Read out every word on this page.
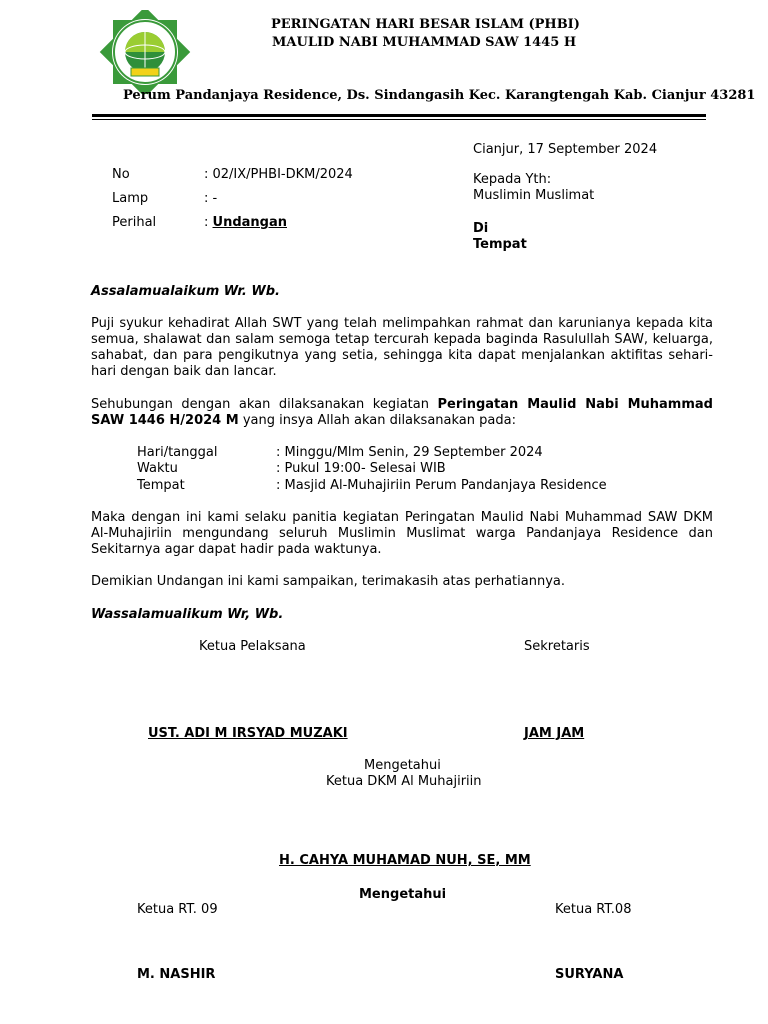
PERINGATAN HARI BESAR ISLAM (PHBI)
MAULID NABI MUHAMMAD SAW 1445 H
Perum Pandanjaya Residence, Ds. Sindangasih Kec. Karangtengah Kab. Cianjur 43281
No	: 02/IX/PHBI-DKM/2024
Lamp	: -
Perihal	: Undangan
Cianjur, 17 September 2024
Kepada Yth:
Muslimin Muslimat
Di
Tempat
Assalamualaikum Wr. Wb.
Puji syukur kehadirat Allah SWT yang telah melimpahkan rahmat dan karunianya kepada kita semua, shalawat dan salam semoga tetap tercurah kepada baginda Rasulullah SAW, keluarga, sahabat, dan para pengikutnya yang setia, sehingga kita dapat menjalankan aktifitas sehari-hari dengan baik dan lancar.
Sehubungan dengan akan dilaksanakan kegiatan Peringatan Maulid Nabi Muhammad SAW 1446 H/2024 M yang insya Allah akan dilaksanakan pada:
Hari/tanggal	: Minggu/Mlm Senin, 29 September 2024
Waktu	: Pukul 19:00- Selesai WIB
Tempat	: Masjid Al-Muhajiriin Perum Pandanjaya Residence
Maka dengan ini kami selaku panitia kegiatan Peringatan Maulid Nabi Muhammad SAW DKM Al-Muhajiriin mengundang seluruh Muslimin Muslimat warga Pandanjaya Residence dan Sekitarnya agar dapat hadir pada waktunya.
Demikian Undangan ini kami sampaikan, terimakasih atas perhatiannya.
Wassalamualikum Wr, Wb.
Ketua Pelaksana	Sekretaris
UST. ADI M IRSYAD MUZAKI	JAM JAM
Mengetahui
Ketua DKM Al Muhajiriin
H. CAHYA MUHAMAD NUH, SE, MM
Mengetahui
Ketua RT. 09	Ketua RT.08
M. NASHIR	SURYANA
